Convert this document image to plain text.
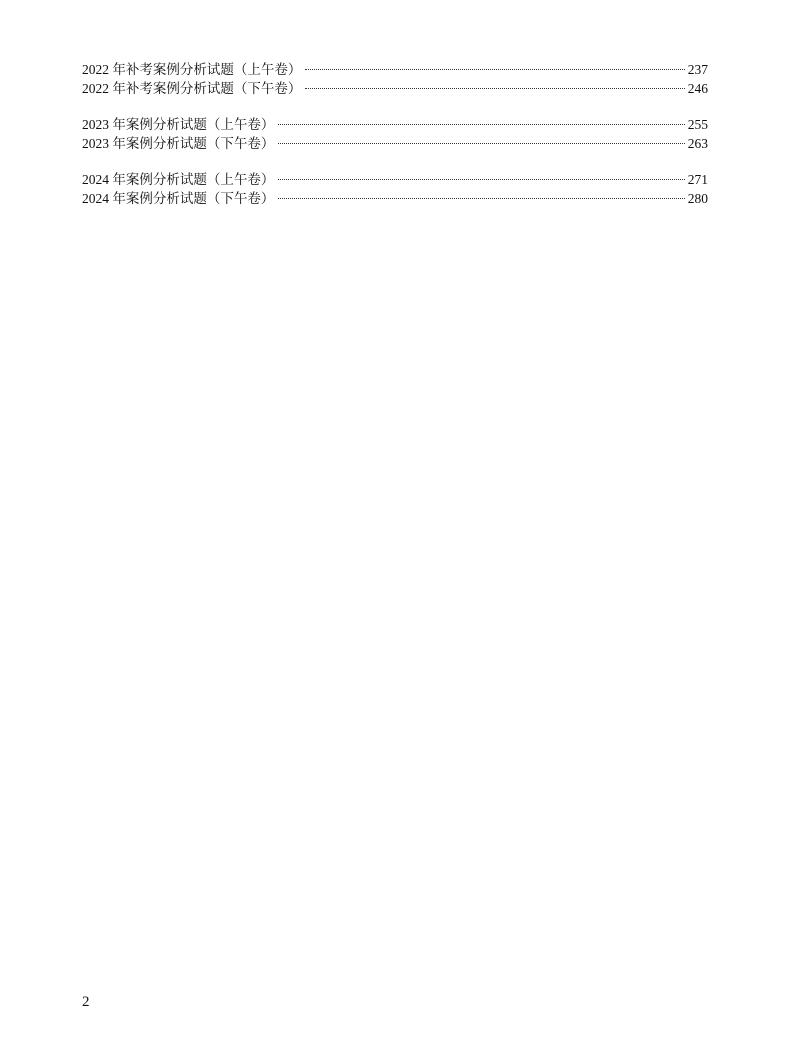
2022 年补考案例分析试题（上午卷）	237
2022 年补考案例分析试题（下午卷）	246
2023 年案例分析试题（上午卷）	255
2023 年案例分析试题（下午卷）	263
2024 年案例分析试题（上午卷）	271
2024 年案例分析试题（下午卷）	280
2
